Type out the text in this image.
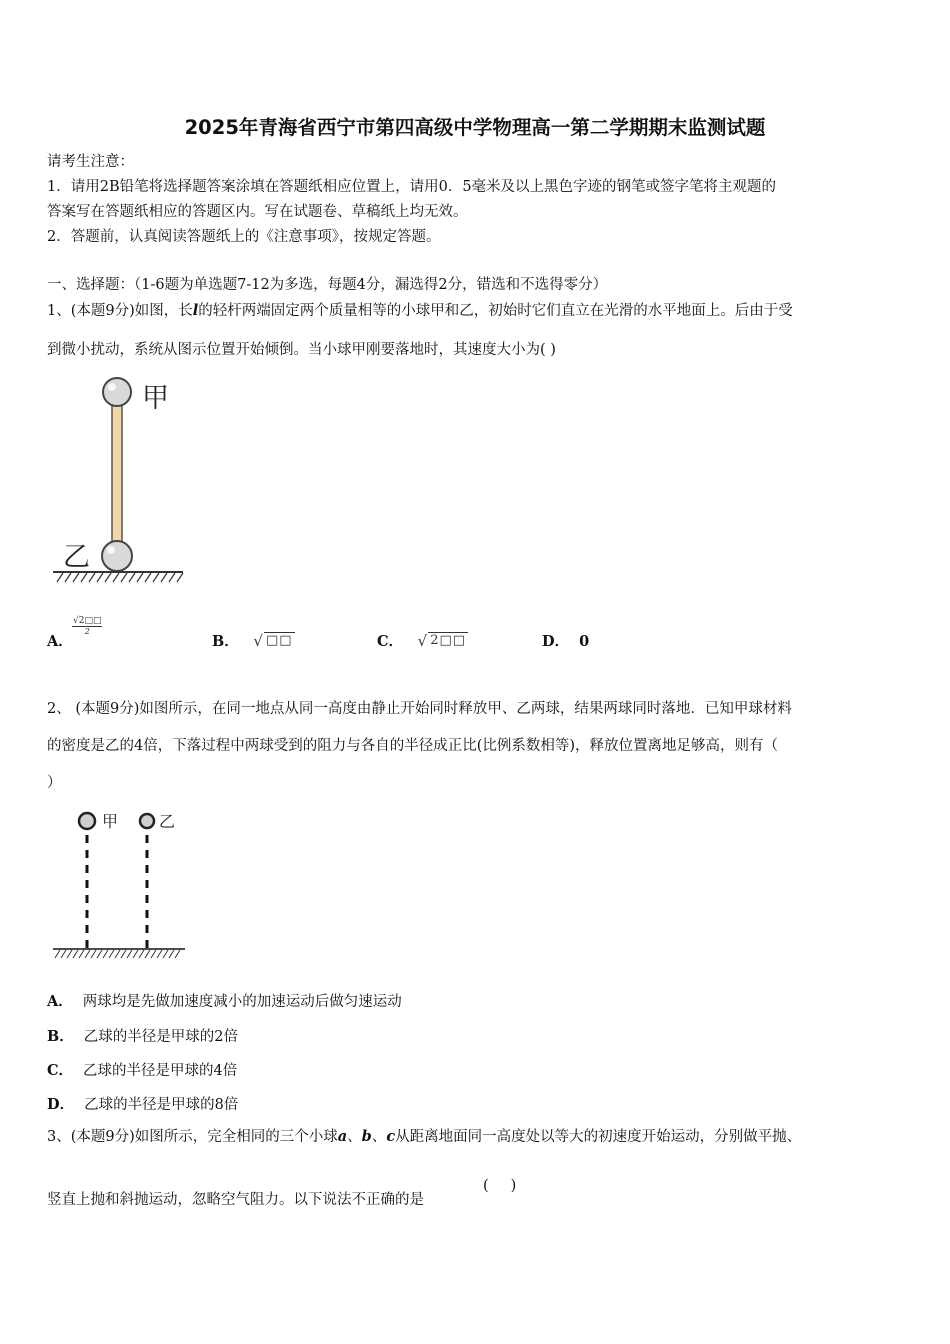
2025年青海省西宁市第四高级中学物理高一第二学期期末监测试题
请考生注意：
1．请用2B铅笔将选择题答案涂填在答题纸相应位置上，请用0．5毫米及以上黑色字迹的钢笔或签字笔将主观题的
答案写在答题纸相应的答题区内。写在试题卷、草稿纸上均无效。
2．答题前，认真阅读答题纸上的《注意事项》，按规定答题。
一、选择题：（1-6题为单选题7-12为多选，每题4分，漏选得2分，错选和不选得零分）
1、(本题9分)如图，长l的轻杆两端固定两个质量相等的小球甲和乙，初始时它们直立在光滑的水平地面上。后由于受
到微小扰动，系统从图示位置开始倾倒。当小球甲刚要落地时，其速度大小为( )
甲
乙
A．
$\frac{√2□□}{2}$
B． √ □□	C． √ 2□□	D． 0
2、 (本题9分)如图所示，在同一地点从同一高度由静止开始同时释放甲、乙两球，结果两球同时落地．已知甲球材料
的密度是乙的4倍，下落过程中两球受到的阻力与各自的半径成正比(比例系数相等)，释放位置离地足够高，则有（
）
甲	乙
A． 两球均是先做加速度减小的加速运动后做匀速运动
B． 乙球的半径是甲球的2倍
C． 乙球的半径是甲球的4倍
D． 乙球的半径是甲球的8倍
3、(本题9分)如图所示，完全相同的三个小球a、b、c从距离地面同一高度处以等大的初速度开始运动，分别做平抛、
竖直上抛和斜抛运动，忽略空气阻力。以下说法不正确的是
()
